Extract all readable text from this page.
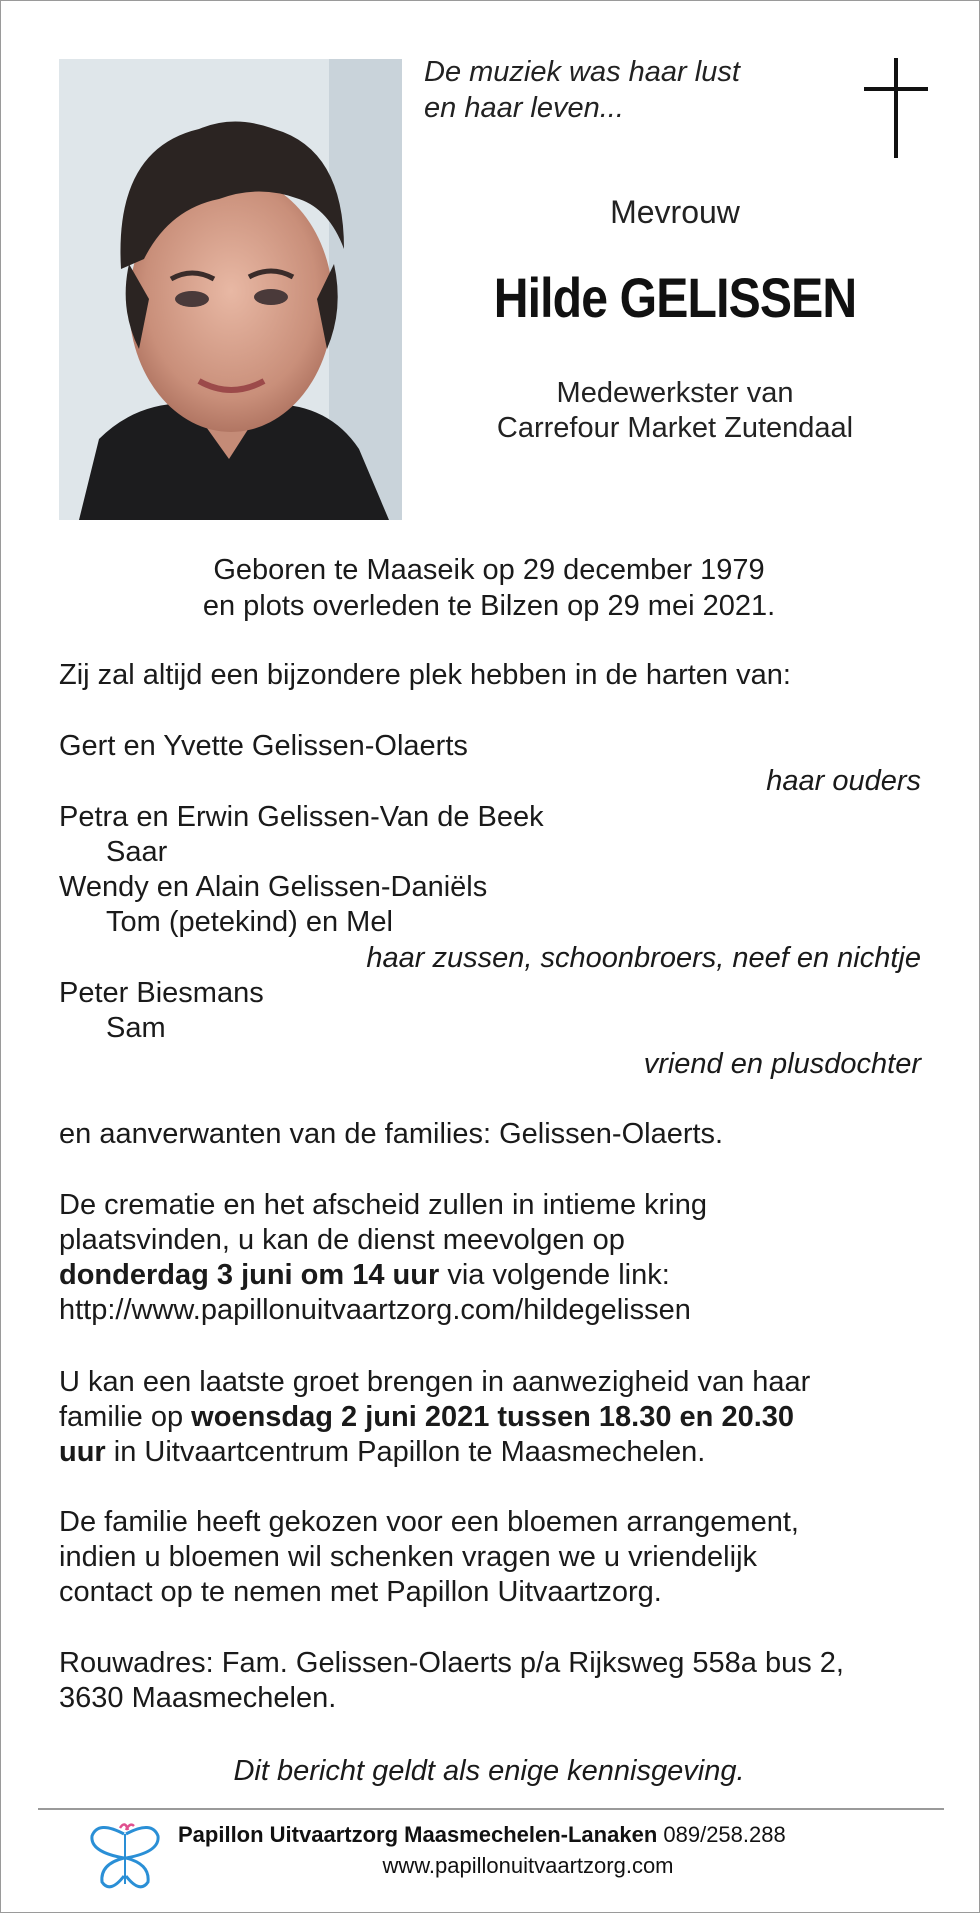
De muziek was haar lust
en haar leven...
Mevrouw
Hilde GELISSEN
Medewerkster van
Carrefour Market Zutendaal
Geboren te Maaseik op 29 december 1979
en plots overleden te Bilzen op 29 mei 2021.
Zij zal altijd een bijzondere plek hebben in de harten van:
Gert en Yvette Gelissen-Olaerts
haar ouders
Petra en Erwin Gelissen-Van de Beek
Saar
Wendy en Alain Gelissen-Daniëls
Tom (petekind) en Mel
haar zussen, schoonbroers, neef en nichtje
Peter Biesmans
Sam
vriend en plusdochter
en aanverwanten van de families: Gelissen-Olaerts.
De crematie en het afscheid zullen in intieme kring
plaatsvinden, u kan de dienst meevolgen op
donderdag 3 juni om 14 uur via volgende link:
http://www.papillonuitvaartzorg.com/hildegelissen
U kan een laatste groet brengen in aanwezigheid van haar
familie op woensdag 2 juni 2021 tussen 18.30 en 20.30
uur in Uitvaartcentrum Papillon te Maasmechelen.
De familie heeft gekozen voor een bloemen arrangement,
indien u bloemen wil schenken vragen we u vriendelijk
contact op te nemen met Papillon Uitvaartzorg.
Rouwadres: Fam. Gelissen-Olaerts p/a Rijksweg 558a bus 2,
3630 Maasmechelen.
Dit bericht geldt als enige kennisgeving.
Papillon Uitvaartzorg Maasmechelen-Lanaken 089/258.288
www.papillonuitvaartzorg.com
